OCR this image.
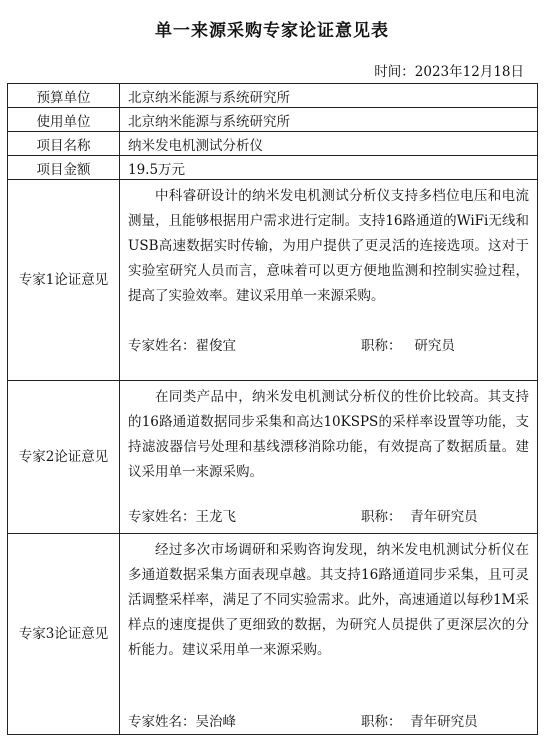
单一来源采购专家论证意见表
时间：2023年12月18日
预算单位	北京纳米能源与系统研究所
使用单位	北京纳米能源与系统研究所
项目名称	纳米发电机测试分析仪
项目金额	19.5万元

专家1论证意见	中科睿研设计的纳米发电机测试分析仪支持多档位电压和电流测量，且能够根据用户需求进行定制。支持16路通道的WiFi无线和USB高速数据实时传输，为用户提供了更灵活的连接选项。这对于实验室研究人员而言，意味着可以更方便地监测和控制实验过程，提高了实验效率。建议采用单一来源采购。
专家姓名：翟俊宜 职称： 研究员

专家2论证意见	在同类产品中，纳米发电机测试分析仪的性价比较高。其支持的16路通道数据同步采集和高达10KSPS的采样率设置等功能，支持滤波器信号处理和基线漂移消除功能，有效提高了数据质量。建议采用单一来源采购。
专家姓名：王龙飞 职称： 青年研究员

专家3论证意见	经过多次市场调研和采购咨询发现，纳米发电机测试分析仪在多通道数据采集方面表现卓越。其支持16路通道同步采集，且可灵活调整采样率，满足了不同实验需求。此外，高速通道以每秒1M采样点的速度提供了更细致的数据，为研究人员提供了更深层次的分析能力。建议采用单一来源采购。
专家姓名：吴治峰 职称： 青年研究员
